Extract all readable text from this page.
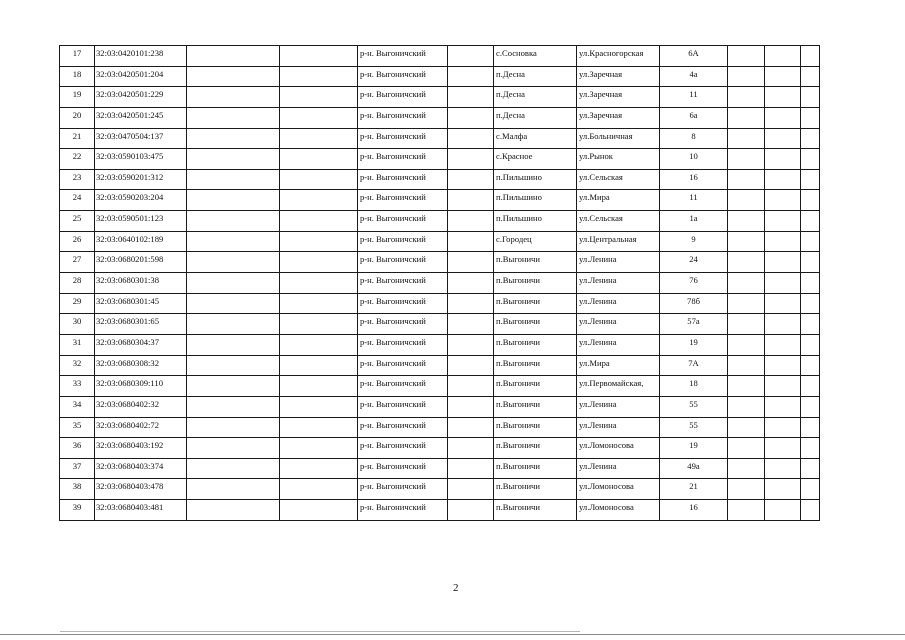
17	32:03:0420101:238			р-н. Выгоничский		с.Сосновка	ул.Красногорская	6А			
18	32:03:0420501:204			р-н. Выгоничский		п.Десна	ул.Заречная	4а			
19	32:03:0420501:229			р-н. Выгоничский		п.Десна	ул.Заречная	11			
20	32:03:0420501:245			р-н. Выгоничский		п.Десна	ул.Заречная	6а			
21	32:03:0470504:137			р-н. Выгоничский		с.Малфа	ул.Больничная	8			
22	32:03:0590103:475			р-н. Выгоничский		с.Красное	ул.Рынок	10			
23	32:03:0590201:312			р-н. Выгоничский		п.Пильшино	ул.Сельская	16			
24	32:03:0590203:204			р-н. Выгоничский		п.Пильшино	ул.Мира	11			
25	32:03:0590501:123			р-н. Выгоничский		п.Пильшино	ул.Сельская	1а			
26	32:03:0640102:189			р-н. Выгоничский		с.Городец	ул.Центральная	9			
27	32:03:0680201:598			р-н. Выгоничский		п.Выгоничи	ул.Ленина	24			
28	32:03:0680301:38			р-н. Выгоничский		п.Выгоничи	ул.Ленина	76			
29	32:03:0680301:45			р-н. Выгоничский		п.Выгоничи	ул.Ленина	78б			
30	32:03:0680301:65			р-н. Выгоничский		п.Выгоничи	ул.Ленина	57а			
31	32:03:0680304:37			р-н. Выгоничский		п.Выгоничи	ул.Ленина	19			
32	32:03:0680308:32			р-н. Выгоничский		п.Выгоничи	ул.Мира	7А			
33	32:03:0680309:110			р-н. Выгоничский		п.Выгоничи	ул.Первомайская,	18			
34	32:03:0680402:32			р-н. Выгоничский		п.Выгоничи	ул.Ленина	55			
35	32:03:0680402:72			р-н. Выгоничский		п.Выгоничи	ул.Ленина	55			
36	32:03:0680403:192			р-н. Выгоничский		п.Выгоничи	ул.Ломоносова	19			
37	32:03:0680403:374			р-н. Выгоничский		п.Выгоничи	ул.Ленина	49а			
38	32:03:0680403:478			р-н. Выгоничский		п.Выгоничи	ул.Ломоносова	21			
39	32:03:0680403:481			р-н. Выгоничский		п.Выгоничи	ул.Ломоносова	16			
2
